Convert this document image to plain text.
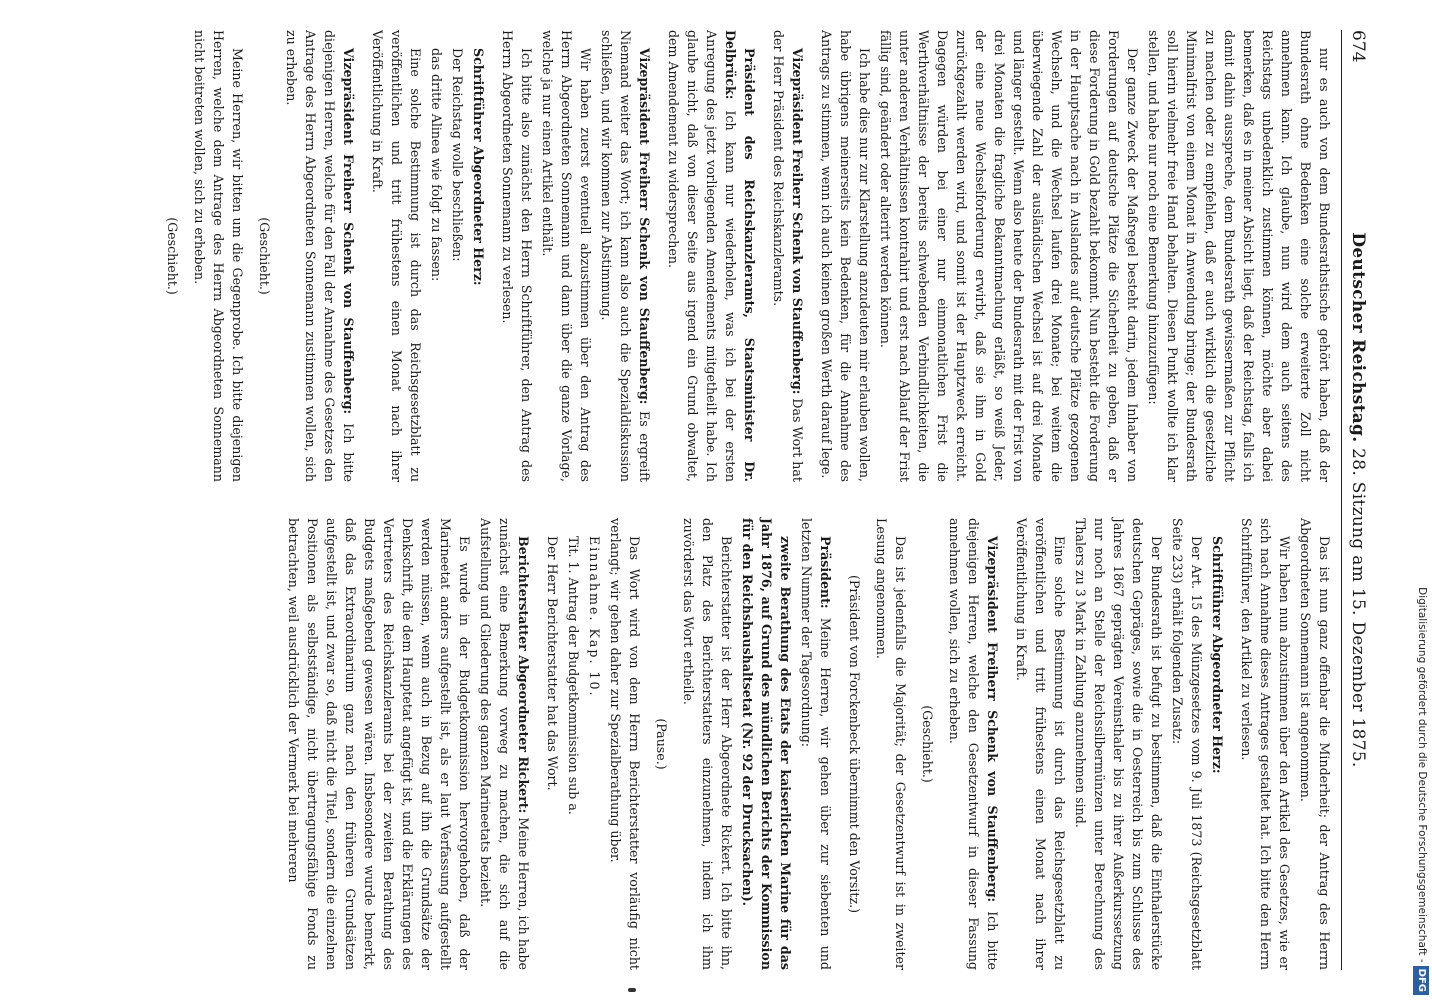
674
Deutscher Reichstag. 28. Sitzung am 15. Dezember 1875.

nur es auch von dem Bundesrathstische gehört haben, daß der Bundesrath ohne Bedenken eine solche erweiterte Zoll nicht annehmen kann. Ich glaube, nun wird dem auch seitens des Reichstags unbedenklich zustimmen können, möchte aber dabei bemerken, daß es in meiner Absicht liegt, daß der Reichstag, falls ich damit dahin ausspreche, dem Bundesrath gewissermaßen zur Pflicht zu machen oder zu empfehlen, daß er auch wirklich die gesetzliche Minimalfrist von einem Monat in Anwendung bringe; der Bundesrath soll hierin vielmehr freie Hand behalten. Diesen Punkt wollte ich klar stellen, und habe nur noch eine Bemerkung hinzuzufügen:

Der ganze Zweck der Maßregel besteht darin, jedem Inhaber von Forderungen auf deutsche Plätze die Sicherheit zu geben, daß er diese Forderung in Gold bezahlt bekommt. Nun besteht die Forderung in der Hauptsache nach in Auslandes auf deutsche Plätze gezogenen Wechseln, und die Wechsel laufen drei Monate; bei weitem die überwiegende Zahl der ausländischen Wechsel ist auf drei Monate und länger gestellt. Wenn also heute der Bundesrath mit der Frist von drei Monaten die fragliche Bekanntmachung erläßt, so weiß Jeder, der eine neue Wechselforderung erwirbt, daß sie ihm in Gold zurückgezahlt werden wird, und somit ist der Hauptzweck erreicht. Dagegen würden bei einer nur einmonatlichen Frist die Werthverhältnisse der bereits schwebenden Verbindlichkeiten, die unter anderen Verhältnissen kontrahirt und erst nach Ablauf der Frist fällig sind, geändert oder alterirt werden können.

Ich habe dies nur zur Klarstellung anzudeuten mir erlauben wollen, habe übrigens meinerseits kein Bedenken, für die Annahme des Antrags zu stimmen, wenn ich auch keinen großen Werth darauf lege.

Vizepräsident Freiherr Schenk von Stauffenberg: Das Wort hat der Herr Präsident des Reichskanzleramts.

Präsident des Reichskanzleramts, Staatsminister Dr. Delbrück: Ich kann nur wiederholen, was ich bei der ersten Anregung des jetzt vorliegenden Amendements mitgetheilt habe. Ich glaube nicht, daß von dieser Seite aus irgend ein Grund obwaltet, dem Amendement zu widersprechen.

Vizepräsident Freiherr Schenk von Stauffenberg: Es ergreift Niemand weiter das Wort; ich kann also auch die Spezialdiskussion schließen, und wir kommen zur Abstimmung.

Wir haben zuerst eventuell abzustimmen über den Antrag des Herrn Abgeordneten Sonnemann und dann über die ganze Vorlage, welche ja nur einen Artikel enthält.

Ich bitte also zunächst den Herrn Schriftführer, den Antrag des Herrn Abgeordneten Sonnemann zu verlesen.

Schriftführer Abgeordneter Herz:

Der Reichstag wolle beschließen:

das dritte Alinea wie folgt zu fassen:

Eine solche Bestimmung ist durch das Reichsgesetzblatt zu veröffentlichen und tritt frühestens einen Monat nach ihrer Veröffentlichung in Kraft.

Vizepräsident Freiherr Schenk von Stauffenberg: Ich bitte diejenigen Herren, welche für den Fall der Annahme des Gesetzes den Antrage des Herrn Abgeordneten Sonnemann zustimmen wollen, sich zu erheben.

(Geschieht.)

Meine Herren, wir bitten um die Gegenprobe. Ich bitte diejenigen Herren, welche dem Antrage des Herrn Abgeordneten Sonnemann nicht beitreten wollen, sich zu erheben.

(Geschieht.)

Das ist nun ganz offenbar die Minderheit; der Antrag des Herrn Abgeordneten Sonnemann ist angenommen.

Wir haben nun abzustimmen über den Artikel des Gesetzes, wie er sich nach Annahme dieses Antrages gestaltet hat. Ich bitte den Herrn Schriftführer, den Artikel zu verlesen.

Schriftführer Abgeordneter Herz:

Der Art. 15 des Münzgesetzes vom 9. Juli 1873 (Reichsgesetzblatt Seite 233) erhält folgenden Zusatz:

Der Bundesrath ist befugt zu bestimmen, daß die Einthalerstücke deutschen Gepräges, sowie die in Oesterreich bis zum Schlusse des Jahres 1867 geprägten Vereinsthaler bis zu ihrer Außerkurssetzung nur noch an Stelle der Reichssilbermünzen unter Berechnung des Thalers zu 3 Mark in Zahlung anzunehmen sind.

Eine solche Bestimmung ist durch das Reichsgesetzblatt zu veröffentlichen und tritt frühestens einen Monat nach ihrer Veröffentlichung in Kraft.

Vizepräsident Freiherr Schenk von Stauffenberg: Ich bitte diejenigen Herren, welche den Gesetzentwurf in dieser Fassung annehmen wollen, sich zu erheben.

(Geschieht.)

Das ist jedenfalls die Majorität; der Gesetzentwurf ist in zweiter Lesung angenommen.

(Präsident von Forckenbeck übernimmt den Vorsitz.)

Präsident: Meine Herren, wir gehen über zur siebenten und letzten Nummer der Tagesordnung:

zweite Berathung des Etats der kaiserlichen Marine für das Jahr 1876, auf Grund des mündlichen Berichts der Kommission für den Reichshaushaltsetat (Nr. 92 der Drucksachen).

Berichterstatter ist der Herr Abgeordnete Rickert. Ich bitte ihn, den Platz des Berichterstatters einzunehmen, indem ich ihm zuvörderst das Wort ertheile.

(Pause.)

Das Wort wird von dem Herrn Berichterstatter vorläufig nicht verlangt; wir gehen daher zur Spezialberathung über.

Einnahme. Kap. 10.

Tit. 1. Antrag der Budgetkommission sub a.

Der Herr Berichterstatter hat das Wort.

Berichterstatter Abgeordneter Rickert: Meine Herren, ich habe zunächst eine Bemerkung vorweg zu machen, die sich auf die Aufstellung und Gliederung des ganzen Marineetats bezieht.

Es wurde in der Budgetkommission hervorgehoben, daß der Marineetat anders aufgestellt ist, als er laut Verfassung aufgestellt werden müssen, wenn auch in Bezug auf ihn die Grundsätze der Denkschrift, die dem Hauptetat angefügt ist, und die Erklärungen des Vertreters des Reichskanzleramts bei der zweiten Berathung des Budgets maßgebend gewesen wären. Insbesondere wurde bemerkt, daß das Extraordinarium ganz nach den früheren Grundsätzen aufgestellt ist, und zwar so, daß nicht die Titel, sondern die einzelnen Positionen als selbstständige, nicht übertragungsfähige Fonds zu betrachten, weil ausdrücklich der Vermerk bei mehreren	Digitalisierung gefördert durch die Deutsche Forschungsgemeinschaft -DFG
